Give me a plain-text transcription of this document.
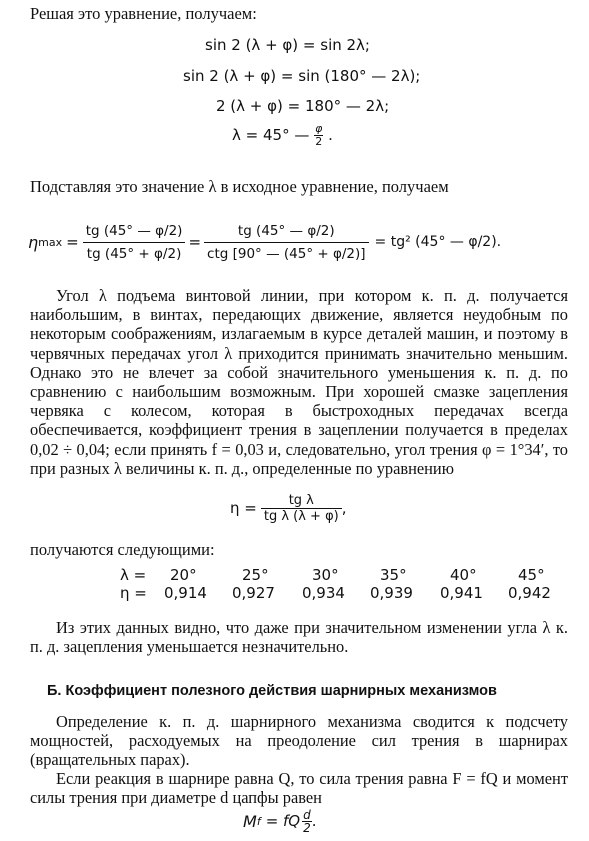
Решая это уравнение, получаем:
sin 2 (λ + φ) = sin 2λ;
sin 2 (λ + φ) = sin (180° — 2λ);
2 (λ + φ) = 180° — 2λ;
λ = 45° — $\frac{\varphi}{2}$ .
Подставляя это значение λ в исходное уравнение, получаем
η $\max = \frac{tg (45^\circ — \varphi/2)}{tg (45^\circ + \varphi/2)} = \frac{tg (45^\circ — \varphi/2)}{\text{ctg [90° — (45° + φ/2)]}} = tg^2$ (45° — φ/2).
Угол λ подъема винтовой линии, при котором к. п. д. получается наибольшим, в винтах, передающих движение, является неудобным по некоторым соображениям, излагаемым в курсе деталей машин, и поэтому в червячных передачах угол λ приходится принимать значительно меньшим. Однако это не влечет за собой значительного уменьшения к. п. д. по сравнению с наибольшим возможным. При хорошей смазке зацепления червяка с колесом, которая в быстроходных передачах всегда обеспечивается, коэффициент трения в зацеплении получается в пределах 0,02 ÷ 0,04; если принять f = 0,03 и, следовательно, угол трения φ = 1°34′, то при разных λ величины к. п. д., определенные по уравнению
$\eta = \frac{\text{tg λ}}{\text{tg λ (λ + φ)}}$ ,
получаются следующими:
λ =	20°	25°	30°	35°	40°	45°
η =	0,914	0,927	0,934	0,939	0,941	0,942
Из этих данных видно, что даже при значительном изменении угла λ к. п. д. зацепления уменьшается незначительно.
Б. Коэффициент полезного действия шарнирных механизмов
Определение к. п. д. шарнирного механизма сводится к подсчету мощностей, расходуемых на преодоление сил трения в шарнирах (вращательных парах).
Если реакция в шарнире равна Q, то сила трения равна F = fQ и момент силы трения при диаметре d цапфы равен
M f = fQ $\frac{d}{2}$ .
